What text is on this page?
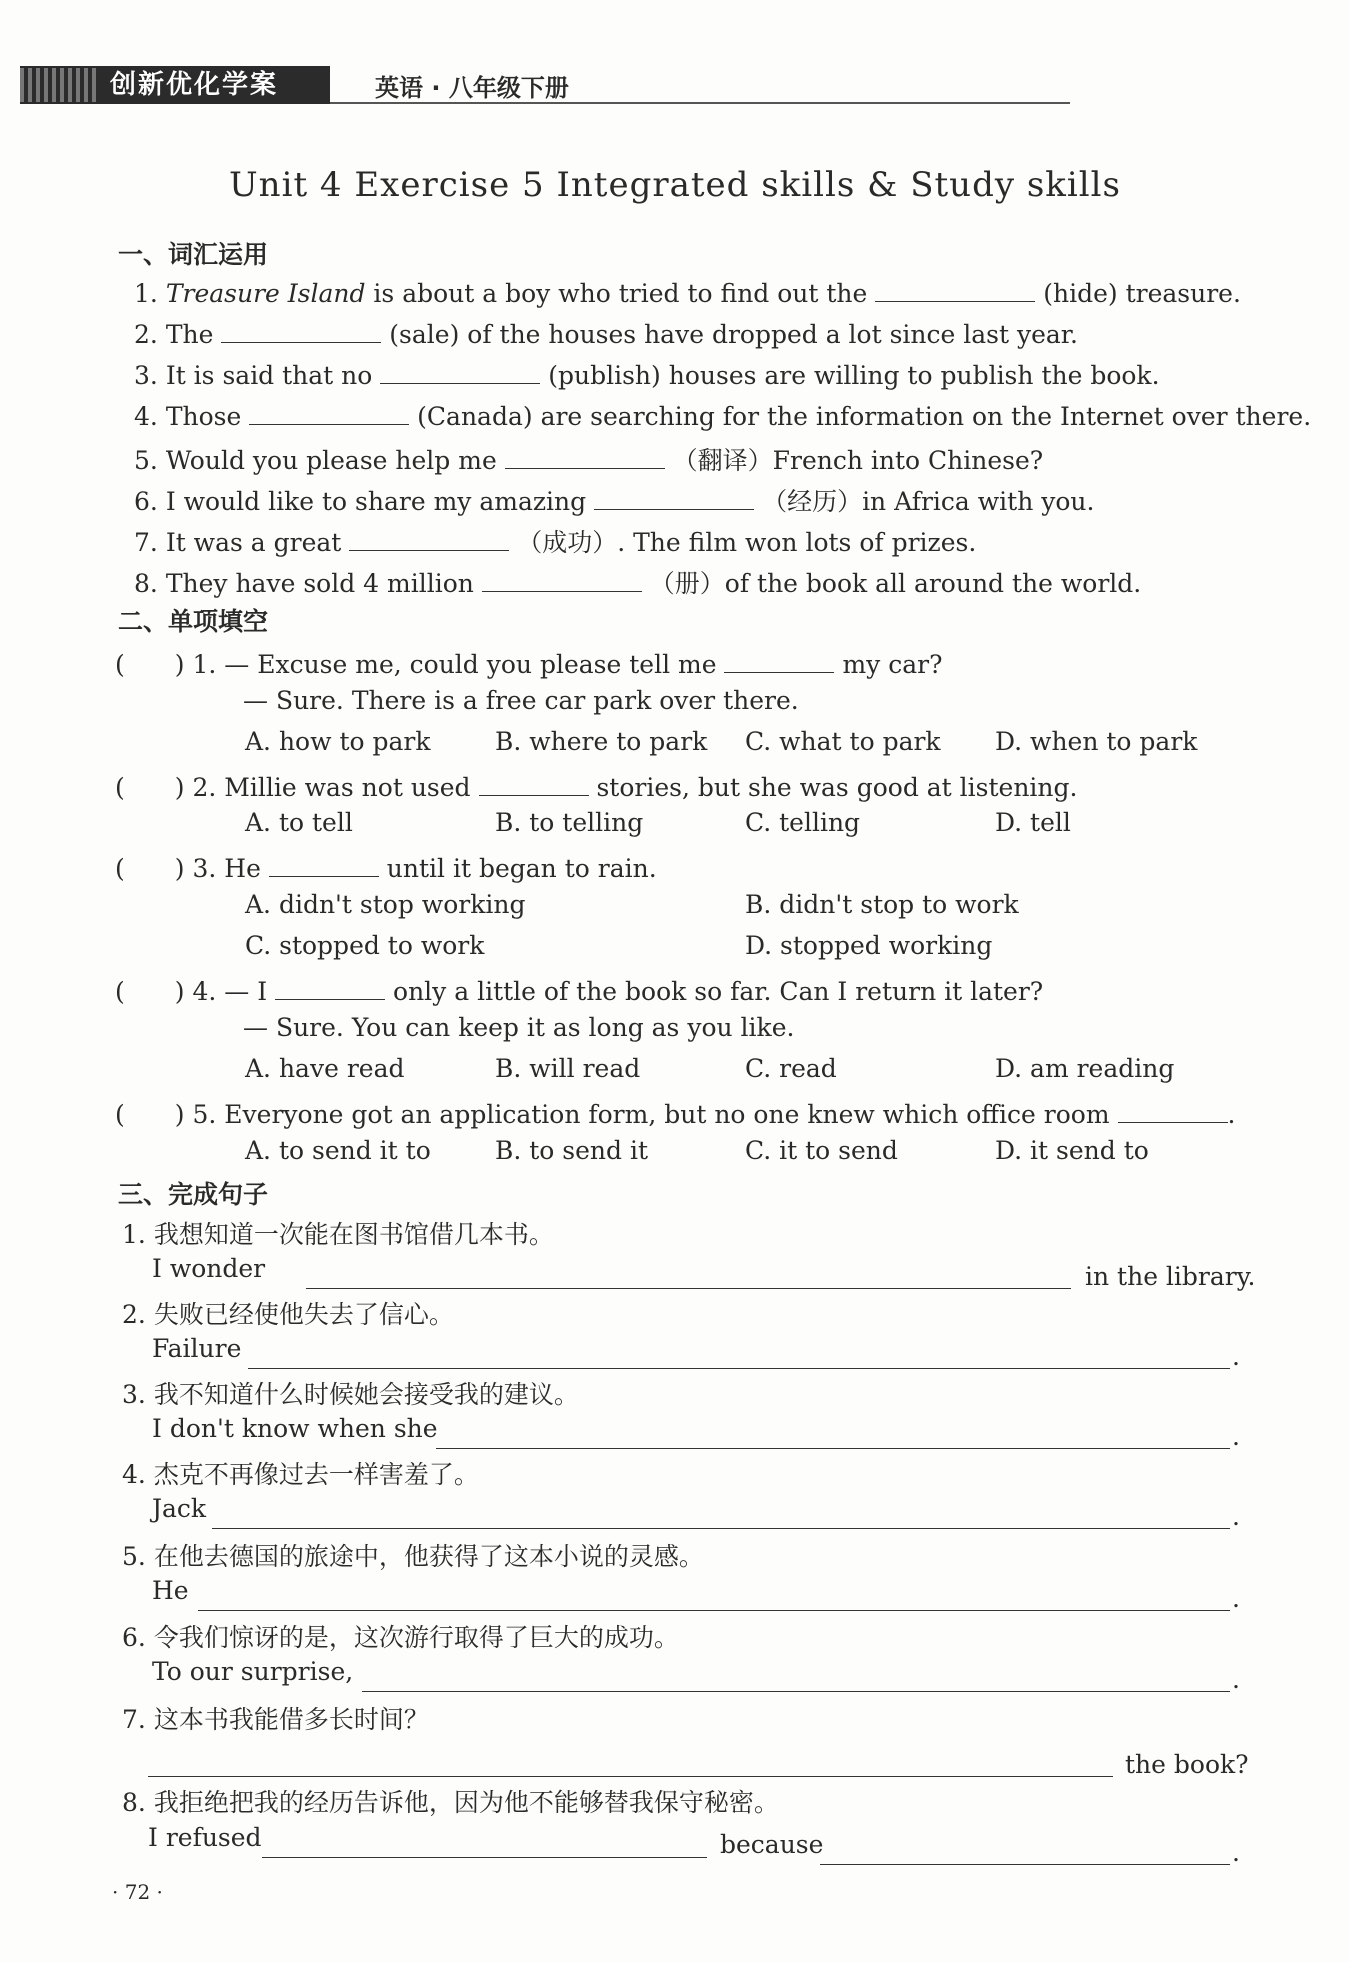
创新优化学案	英语 · 八年级下册
Unit 4 Exercise 5 Integrated skills & Study skills
一、词汇运用
1. Treasure Island is about a boy who tried to find out the	(hide) treasure.
2. The	(sale) of the houses have dropped a lot since last year.
3. It is said that no	(publish) houses are willing to publish the book.
4. Those	(Canada) are searching for the information on the Internet over there.
5. Would you please help me	（翻译）French into Chinese?
6. I would like to share my amazing	（经历）in Africa with you.
7. It was a great	（成功）. The film won lots of prizes.
8. They have sold 4 million	（册）of the book all around the world.
二、单项填空
(　　) 1. — Excuse me, could you please tell me	my car?
— Sure. There is a free car park over there.
A. how to park	B. where to park C. what to park D. when to park
(　　) 2. Millie was not used	stories, but she was good at listening.
A. to tell	B. to telling	C. telling	D. tell
(　　) 3. He	until it began to rain.
A. didn't stop working	B. didn't stop to work
C. stopped to work	D. stopped working
(　　) 4. — I	only a little of the book so far. Can I return it later?
— Sure. You can keep it as long as you like.
A. have read	B. will read	C. read	D. am reading
(　　) 5. Everyone got an application form, but no one knew which office room	.
A. to send it to	B. to send it	C. it to send	D. it send to
三、完成句子
1. 我想知道一次能在图书馆借几本书。
I wonder	in the library.
2. 失败已经使他失去了信心。
Failure	.
3. 我不知道什么时候她会接受我的建议。
I don't know when she	.
4. 杰克不再像过去一样害羞了。
Jack	.
5. 在他去德国的旅途中，他获得了这本小说的灵感。
He	.
6. 令我们惊讶的是，这次游行取得了巨大的成功。
To our surprise,	.
7. 这本书我能借多长时间？
the book?
8. 我拒绝把我的经历告诉他，因为他不能够替我保守秘密。
I refused	because	.
· 72 ·
